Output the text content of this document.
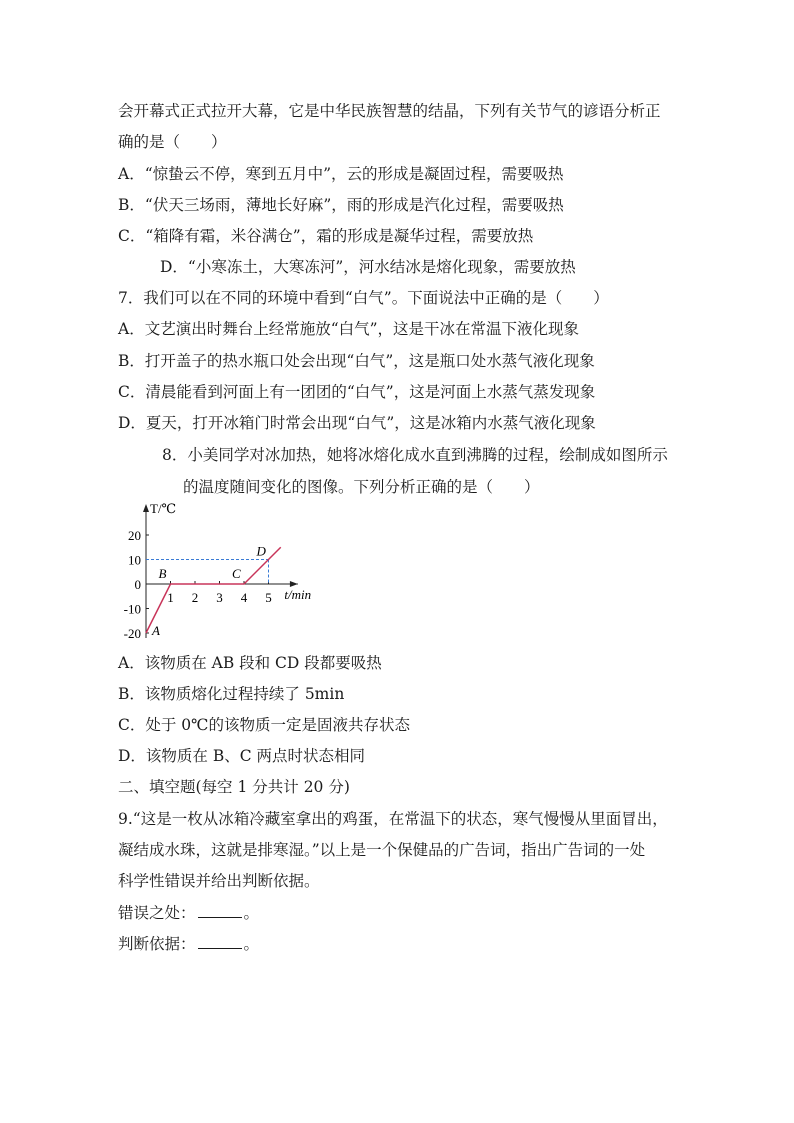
会开幕式正式拉开大幕，它是中华民族智慧的结晶，下列有关节气的谚语分析正
确的是（　　）
A．“惊蛰云不停，寒到五月中”，云的形成是凝固过程，需要吸热
B．“伏天三场雨，薄地长好麻”，雨的形成是汽化过程，需要吸热
C．“箱降有霜，米谷满仓”，霜的形成是凝华过程，需要放热
D．“小寒冻土，大寒冻河”，河水结冰是熔化现象，需要放热
7．我们可以在不同的环境中看到“白气”。下面说法中正确的是（　　）
A．文艺演出时舞台上经常施放“白气”，这是干冰在常温下液化现象
B．打开盖子的热水瓶口处会出现“白气”，这是瓶口处水蒸气液化现象
C．清晨能看到河面上有一团团的“白气”，这是河面上水蒸气蒸发现象
D．夏天，打开冰箱门时常会出现“白气”，这是冰箱内水蒸气液化现象
8．小美同学对冰加热，她将冰熔化成水直到沸腾的过程，绘制成如图所示
的温度随间变化的图像。下列分析正确的是（　　）
T/℃
t/min
20
10
0
-10
-20
1 2 3 4 5
A
B	C
D
A．该物质在 AB 段和 CD 段都要吸热
B．该物质熔化过程持续了 5min
C．处于 0℃的该物质一定是固液共存状态
D．该物质在 B、C 两点时状态相同
二、填空题(每空 1 分共计 20 分)
9.“这是一枚从冰箱冷藏室拿出的鸡蛋，在常温下的状态，寒气慢慢从里面冒出，
凝结成水珠，这就是排寒湿。”以上是一个保健品的广告词，指出广告词的一处
科学性错误并给出判断依据。
错误之处：	。
判断依据：	。
